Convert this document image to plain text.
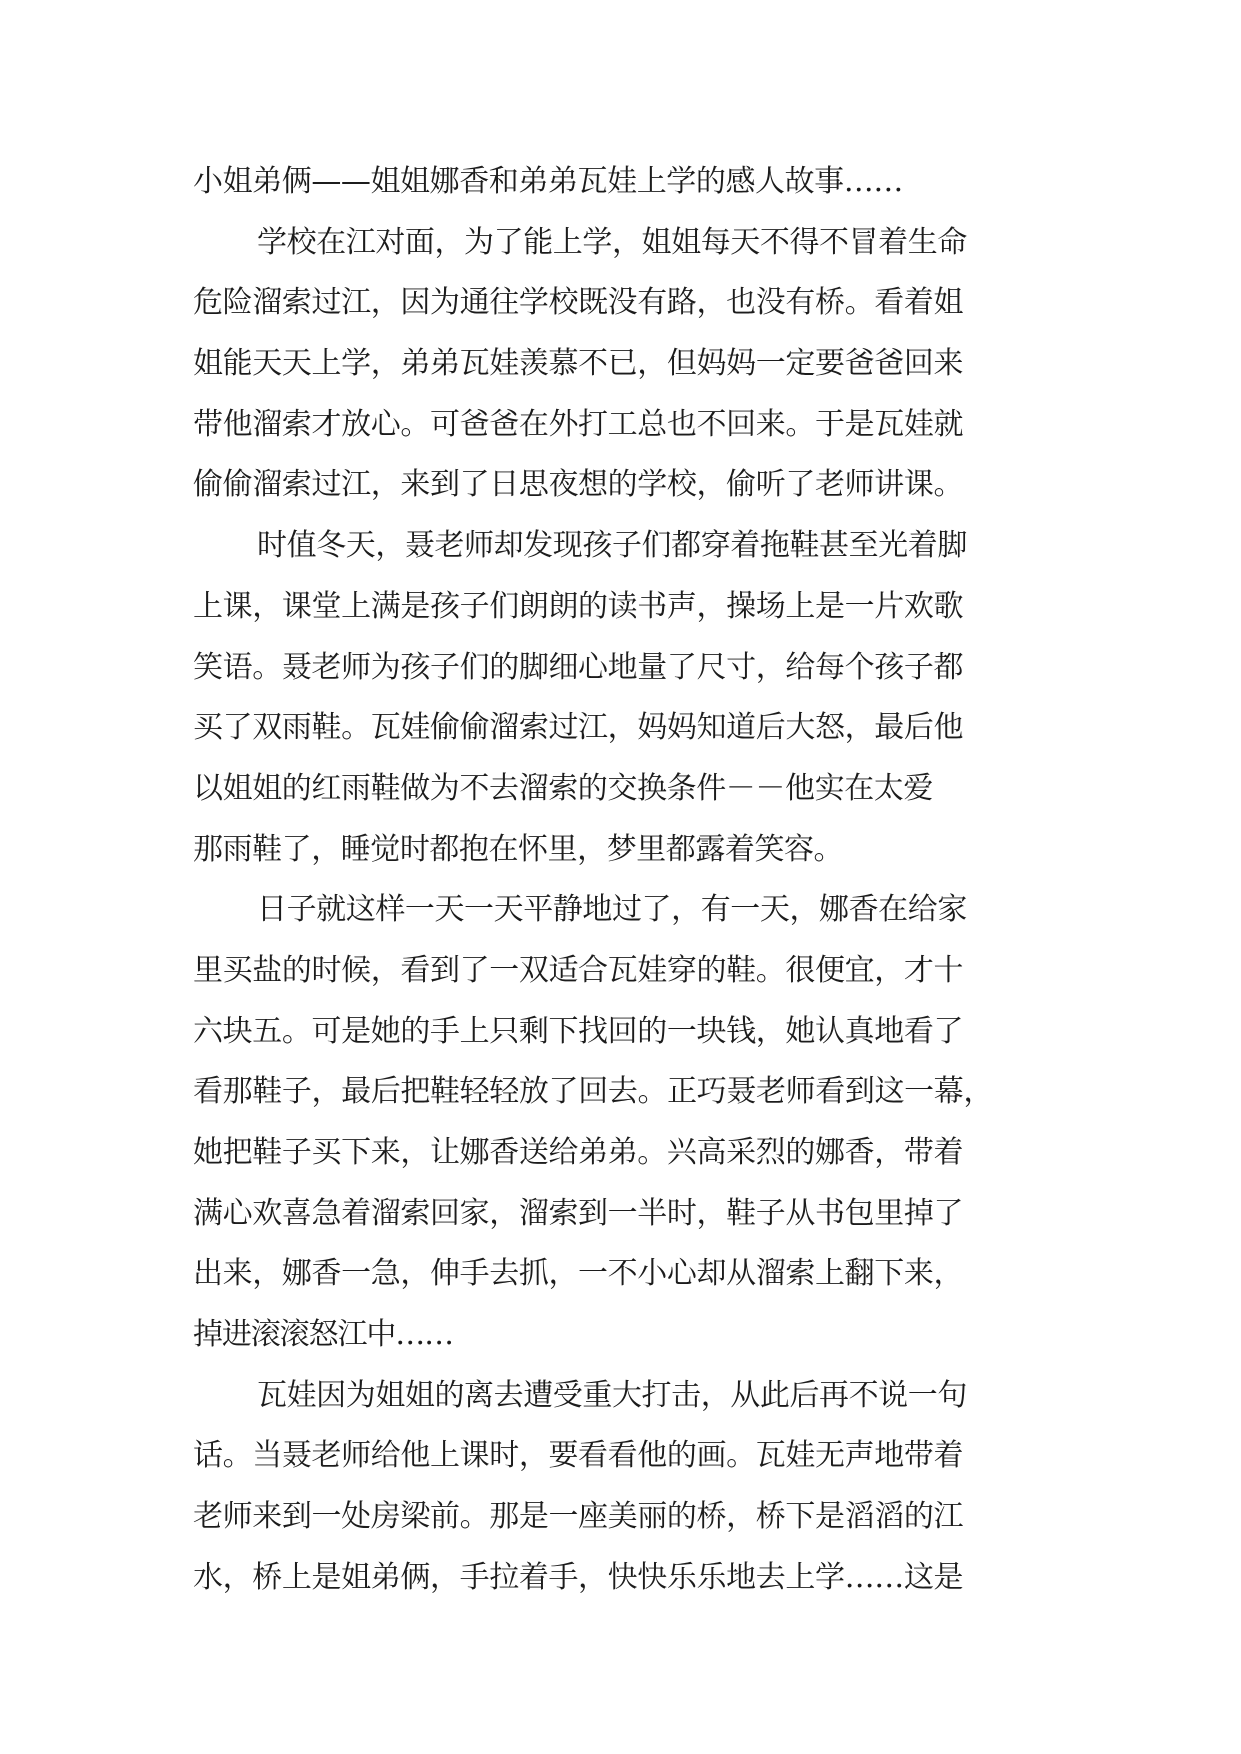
小姐弟俩——姐姐娜香和弟弟瓦娃上学的感人故事……

学校在江对面，为了能上学，姐姐每天不得不冒着生命
危险溜索过江，因为通往学校既没有路，也没有桥。看着姐
姐能天天上学，弟弟瓦娃羡慕不已，但妈妈一定要爸爸回来
带他溜索才放心。可爸爸在外打工总也不回来。于是瓦娃就
偷偷溜索过江，来到了日思夜想的学校，偷听了老师讲课。

时值冬天，聂老师却发现孩子们都穿着拖鞋甚至光着脚
上课，课堂上满是孩子们朗朗的读书声，操场上是一片欢歌
笑语。聂老师为孩子们的脚细心地量了尺寸，给每个孩子都
买了双雨鞋。瓦娃偷偷溜索过江，妈妈知道后大怒，最后他
以姐姐的红雨鞋做为不去溜索的交换条件－－他实在太爱
那雨鞋了，睡觉时都抱在怀里，梦里都露着笑容。

日子就这样一天一天平静地过了，有一天，娜香在给家
里买盐的时候，看到了一双适合瓦娃穿的鞋。很便宜，才十
六块五。可是她的手上只剩下找回的一块钱，她认真地看了
看那鞋子，最后把鞋轻轻放了回去。正巧聂老师看到这一幕，
她把鞋子买下来，让娜香送给弟弟。兴高采烈的娜香，带着
满心欢喜急着溜索回家，溜索到一半时，鞋子从书包里掉了
出来，娜香一急，伸手去抓，一不小心却从溜索上翻下来，
掉进滚滚怒江中……

瓦娃因为姐姐的离去遭受重大打击，从此后再不说一句
话。当聂老师给他上课时，要看看他的画。瓦娃无声地带着
老师来到一处房梁前。那是一座美丽的桥，桥下是滔滔的江
水，桥上是姐弟俩，手拉着手，快快乐乐地去上学……这是
